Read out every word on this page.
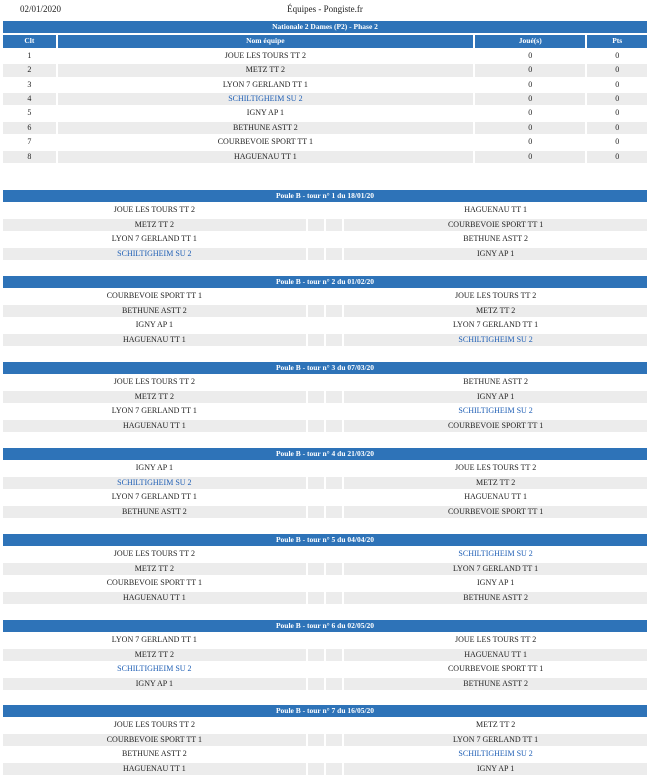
02/01/2020	Équipes - Pongiste.fr
Nationale 2 Dames (P2) - Phase 2			
Clt	Nom équipe	Joué(s)	Pts
1	JOUE LES TOURS TT 2	0	0
2	METZ TT 2	0	0
3	LYON 7 GERLAND TT 1	0	0
4	SCHILTIGHEIM SU 2	0	0
5	IGNY AP 1	0	0
6	BETHUNE ASTT 2	0	0
7	COURBEVOIE SPORT TT 1	0	0
8	HAGUENAU TT 1	0	0
Poule B - tour n° 1 du 18/01/20			
JOUE LES TOURS TT 2			HAGUENAU TT 1
METZ TT 2			COURBEVOIE SPORT TT 1
LYON 7 GERLAND TT 1			BETHUNE ASTT 2
SCHILTIGHEIM SU 2			IGNY AP 1
Poule B - tour n° 2 du 01/02/20			
COURBEVOIE SPORT TT 1			JOUE LES TOURS TT 2
BETHUNE ASTT 2			METZ TT 2
IGNY AP 1			LYON 7 GERLAND TT 1
HAGUENAU TT 1			SCHILTIGHEIM SU 2
Poule B - tour n° 3 du 07/03/20			
JOUE LES TOURS TT 2			BETHUNE ASTT 2
METZ TT 2			IGNY AP 1
LYON 7 GERLAND TT 1			SCHILTIGHEIM SU 2
HAGUENAU TT 1			COURBEVOIE SPORT TT 1
Poule B - tour n° 4 du 21/03/20			
IGNY AP 1			JOUE LES TOURS TT 2
SCHILTIGHEIM SU 2			METZ TT 2
LYON 7 GERLAND TT 1			HAGUENAU TT 1
BETHUNE ASTT 2			COURBEVOIE SPORT TT 1
Poule B - tour n° 5 du 04/04/20			
JOUE LES TOURS TT 2			SCHILTIGHEIM SU 2
METZ TT 2			LYON 7 GERLAND TT 1
COURBEVOIE SPORT TT 1			IGNY AP 1
HAGUENAU TT 1			BETHUNE ASTT 2
Poule B - tour n° 6 du 02/05/20			
LYON 7 GERLAND TT 1			JOUE LES TOURS TT 2
METZ TT 2			HAGUENAU TT 1
SCHILTIGHEIM SU 2			COURBEVOIE SPORT TT 1
IGNY AP 1			BETHUNE ASTT 2
Poule B - tour n° 7 du 16/05/20			
JOUE LES TOURS TT 2			METZ TT 2
COURBEVOIE SPORT TT 1			LYON 7 GERLAND TT 1
BETHUNE ASTT 2			SCHILTIGHEIM SU 2
HAGUENAU TT 1			IGNY AP 1
